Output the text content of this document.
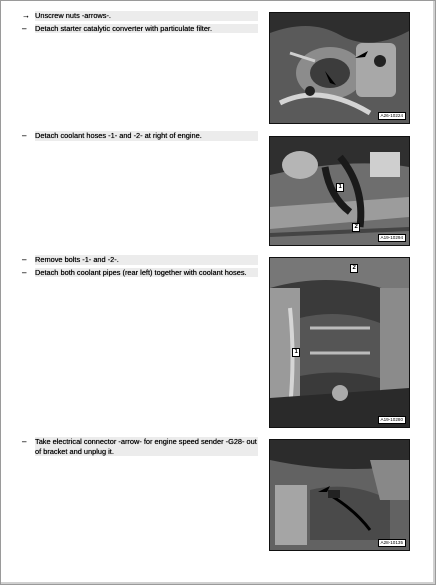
→ Unscrew nuts -arrows-.
–	Detach starter catalytic converter with particulate filter.
A26-10224
–	Detach coolant hoses -1- and -2- at right of engine.
1
2
A19-10294
–	Remove bolts -1- and -2-.
–	Detach both coolant pipes (rear left) together with coolant hoses.	2
1
A19-10280
–	Take electrical connector -arrow- for engine speed sender -G28- out of bracket and unplug it.
A28-10135
